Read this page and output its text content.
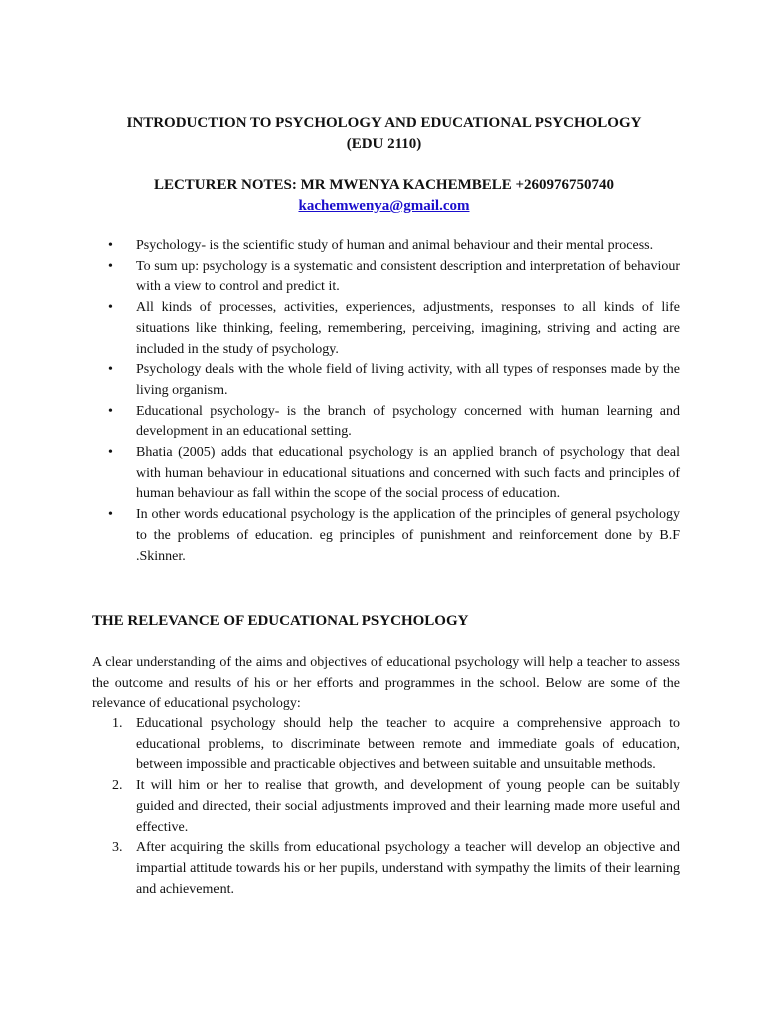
INTRODUCTION TO PSYCHOLOGY AND EDUCATIONAL PSYCHOLOGY
(EDU 2110)
LECTURER NOTES: MR MWENYA KACHEMBELE +260976750740
kachemwenya@gmail.com
• Psychology- is the scientific study of human and animal behaviour and their mental process.
• To sum up: psychology is a systematic and consistent description and interpretation of behaviour with a view to control and predict it.
• All kinds of processes, activities, experiences, adjustments, responses to all kinds of life situations like thinking, feeling, remembering, perceiving, imagining, striving and acting are included in the study of psychology.
• Psychology deals with the whole field of living activity, with all types of responses made by the living organism.
• Educational psychology- is the branch of psychology concerned with human learning and development in an educational setting.
• Bhatia (2005) adds that educational psychology is an applied branch of psychology that deal with human behaviour in educational situations and concerned with such facts and principles of human behaviour as fall within the scope of the social process of education.
• In other words educational psychology is the application of the principles of general psychology to the problems of education. eg principles of punishment and reinforcement done by B.F .Skinner.
THE RELEVANCE OF EDUCATIONAL PSYCHOLOGY

A clear understanding of the aims and objectives of educational psychology will help a teacher to assess the outcome and results of his or her efforts and programmes in the school. Below are some of the relevance of educational psychology:

1. Educational psychology should help the teacher to acquire a comprehensive approach to educational problems, to discriminate between remote and immediate goals of education, between impossible and practicable objectives and between suitable and unsuitable methods.
2. It will him or her to realise that growth, and development of young people can be suitably guided and directed, their social adjustments improved and their learning made more useful and effective.
3. After acquiring the skills from educational psychology a teacher will develop an objective and impartial attitude towards his or her pupils, understand with sympathy the limits of their learning and achievement.
